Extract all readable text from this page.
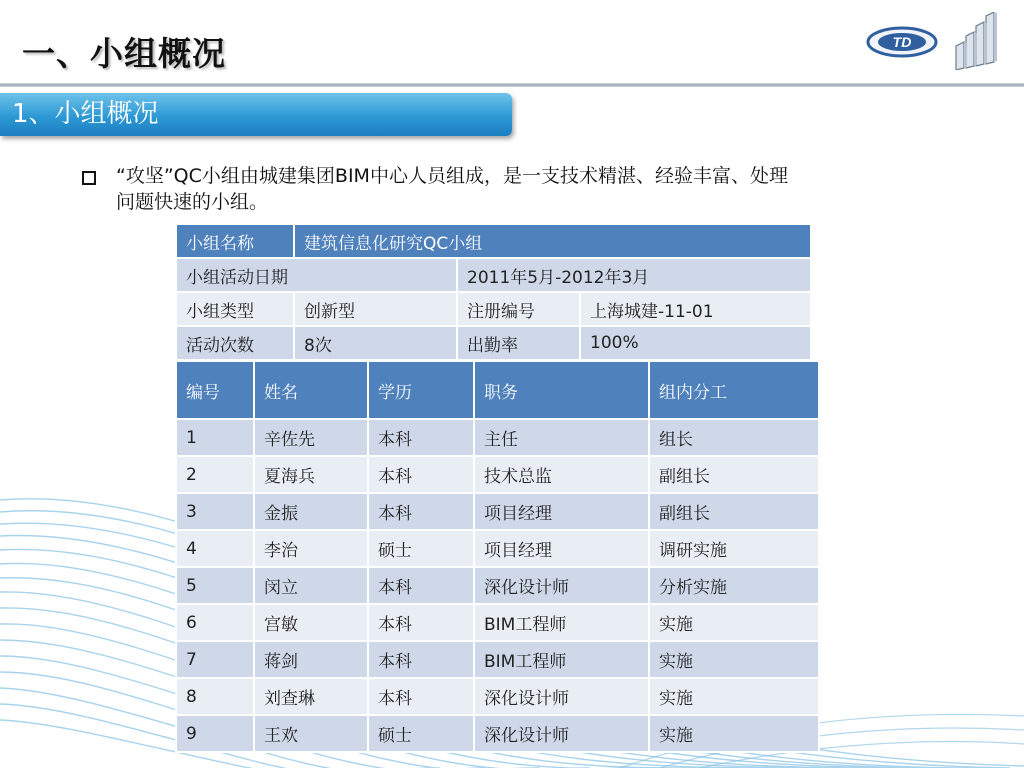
一、小组概况	TD
1、小组概况

“攻坚”QC小组由城建集团BIM中心人员组成，是一支技术精湛、经验丰富、处理
问题快速的小组。

小组名称	建筑信息化研究QC小组		
小组活动日期		2011年5月-2012年3月	
小组类型	创新型	注册编号	上海城建-11-01
活动次数	8次	出勤率	100%
编号	姓名	学历	职务	组内分工
1	辛佐先	本科	主任	组长
2	夏海兵	本科	技术总监	副组长
3	金振	本科	项目经理	副组长
4	李治	硕士	项目经理	调研实施
5	闵立	本科	深化设计师	分析实施
6	宫敏	本科	BIM工程师	实施
7	蒋剑	本科	BIM工程师	实施
8	刘查琳	本科	深化设计师	实施
9	王欢	硕士	深化设计师	实施
